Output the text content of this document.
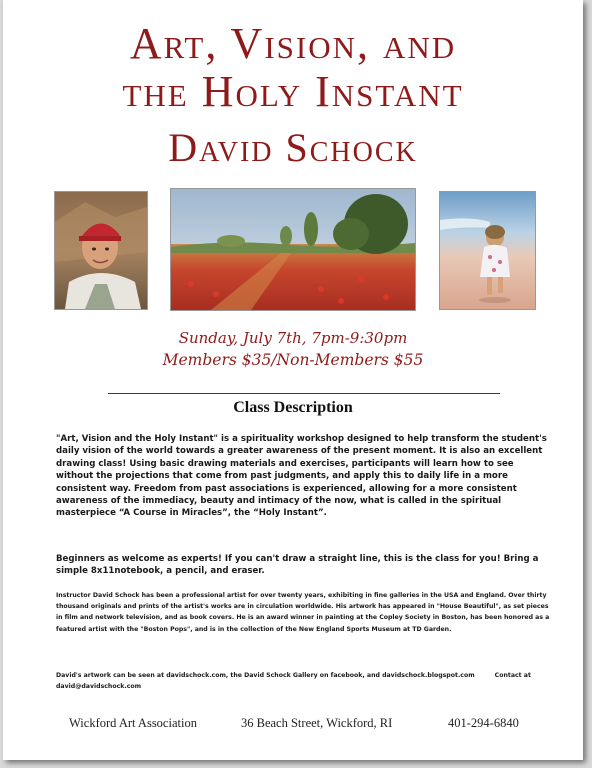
Art, Vision, and
the Holy Instant
David Schock
Sunday, July 7th, 7pm-9:30pm
Members $35/Non-Members $55
Class Description

"Art, Vision and the Holy Instant" is a spirituality workshop designed to help transform the student's daily vision of the world towards a greater awareness of the present moment. It is also an excellent drawing class! Using basic drawing materials and exercises, participants will learn how to see without the projections that come from past judgments, and apply this to daily life in a more consistent way. Freedom from past associations is experienced, allowing for a more consistent awareness of the immediacy, beauty and intimacy of the now, what is called in the spiritual masterpiece “A Course in Miracles”, the “Holy Instant”.

Beginners as welcome as experts! If you can't draw a straight line, this is the class for you! Bring a simple 8x11notebook, a pencil, and eraser.

Instructor David Schock has been a professional artist for over twenty years, exhibiting in fine galleries in the USA and England. Over thirty thousand originals and prints of the artist's works are in circulation worldwide. His artwork has appeared in "House Beautiful", as set pieces in film and network television, and as book covers. He is an award winner in painting at the Copley Society in Boston, has been honored as a featured artist with the "Boston Pops", and is in the collection of the New England Sports Museum at TD Garden.

David's artwork can be seen at davidschock.com, the David Schock Gallery on facebook, and davidschock.blogspot.com	Contact at david@davidschock.com

Wickford Art Association	36 Beach Street, Wickford, RI	401-294-6840
